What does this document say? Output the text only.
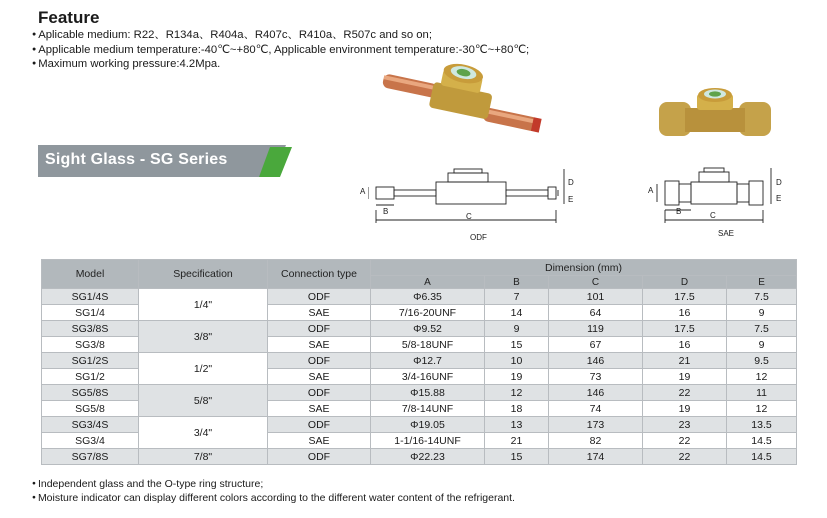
Feature
● Aplicable medium: R22、R134a、R404a、R407c、R410a、R507c and so on;
● Applicable medium temperature:-40℃~+80℃, Applicable environment temperature:-30℃~+80℃;
● Maximum working pressure:4.2Mpa.
Sight Glass - SG Series
C
B
A
D
E
ODF
C
B
A
D
E
SAE
Model	Specification	Connection type	Dimension (mm)				
			A	B	C	D	E
SG1/4S	1/4"	ODF	Φ6.35	7	101	17.5	7.5
SG1/4		SAE	7/16-20UNF	14	64	16	9
SG3/8S	3/8"	ODF	Φ9.52	9	119	17.5	7.5
SG3/8		SAE	5/8-18UNF	15	67	16	9
SG1/2S	1/2"	ODF	Φ12.7	10	146	21	9.5
SG1/2		SAE	3/4-16UNF	19	73	19	12
SG5/8S	5/8"	ODF	Φ15.88	12	146	22	11
SG5/8		SAE	7/8-14UNF	18	74	19	12
SG3/4S	3/4"	ODF	Φ19.05	13	173	23	13.5
SG3/4		SAE	1-1/16-14UNF	21	82	22	14.5
SG7/8S	7/8"	ODF	Φ22.23	15	174	22	14.5
● Independent glass and the O-type ring structure;
● Moisture indicator can display different colors according to the different water content of the refrigerant.
